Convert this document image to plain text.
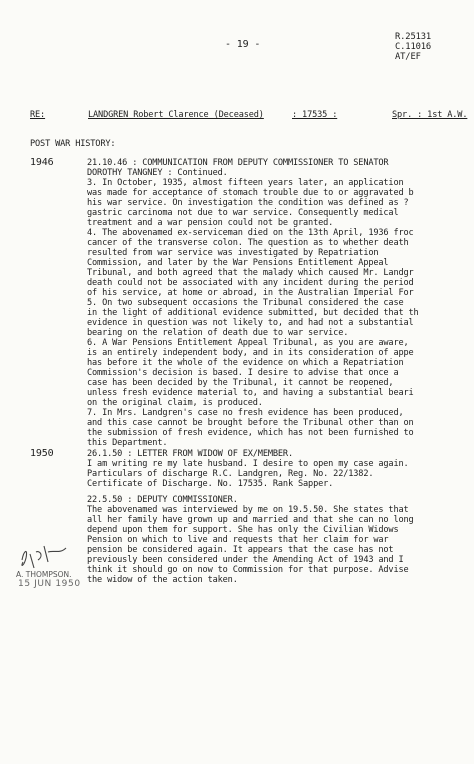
- 19 -
R.25131
C.11016
AT/EF
RE:	LANDGREN Robert Clarence (Deceased)	: 17535 :	Spr. : 1st A.W.
POST WAR HISTORY:
1946	21.10.46 : COMMUNICATION FROM DEPUTY COMMISSIONER TO SENATOR
DOROTHY TANGNEY : Continued.
3. In October, 1935, almost fifteen years later, an application
was made for acceptance of stomach trouble due to or aggravated b
his war service. On investigation the condition was defined as ?
gastric carcinoma not due to war service. Consequently medical
treatment and a war pension could not be granted.
4. The abovenamed ex-serviceman died on the 13th April, 1936 froc
cancer of the transverse colon. The question as to whether death
resulted from war service was investigated by Repatriation
Commission, and later by the War Pensions Entitlement Appeal
Tribunal, and both agreed that the malady which caused Mr. Landgr
death could not be associated with any incident during the period
of his service, at home or abroad, in the Australian Imperial For
5. On two subsequent occasions the Tribunal considered the case
in the light of additional evidence submitted, but decided that th
evidence in question was not likely to, and had not a substantial
bearing on the relation of death due to war service.
6. A War Pensions Entitlement Appeal Tribunal, as you are aware,
is an entirely independent body, and in its consideration of appe
has before it the whole of the evidence on which a Repatriation
Commission's decision is based. I desire to advise that once a
case has been decided by the Tribunal, it cannot be reopened,
unless fresh evidence material to, and having a substantial beari
on the original claim, is produced.
7. In Mrs. Landgren's case no fresh evidence has been produced,
and this case cannot be brought before the Tribunal other than on
the submission of fresh evidence, which has not been furnished to
this Department.
1950	26.1.50 : LETTER FROM WIDOW OF EX/MEMBER.
I am writing re my late husband. I desire to open my case again.
Particulars of discharge R.C. Landgren, Reg. No. 22/1382.
Certificate of Discharge. No. 17535. Rank Sapper.
22.5.50 : DEPUTY COMMISSIONER.
The abovenamed was interviewed by me on 19.5.50. She states that
all her family have grown up and married and that she can no long
depend upon them for support. She has only the Civilian Widows
Pension on which to live and requests that her claim for war
pension be considered again. It appears that the case has not
previously been considered under the Amending Act of 1943 and I
think it should go on now to Commission for that purpose. Advise
the widow of the action taken.
A. THOMPSON.
15 JUN 1950
